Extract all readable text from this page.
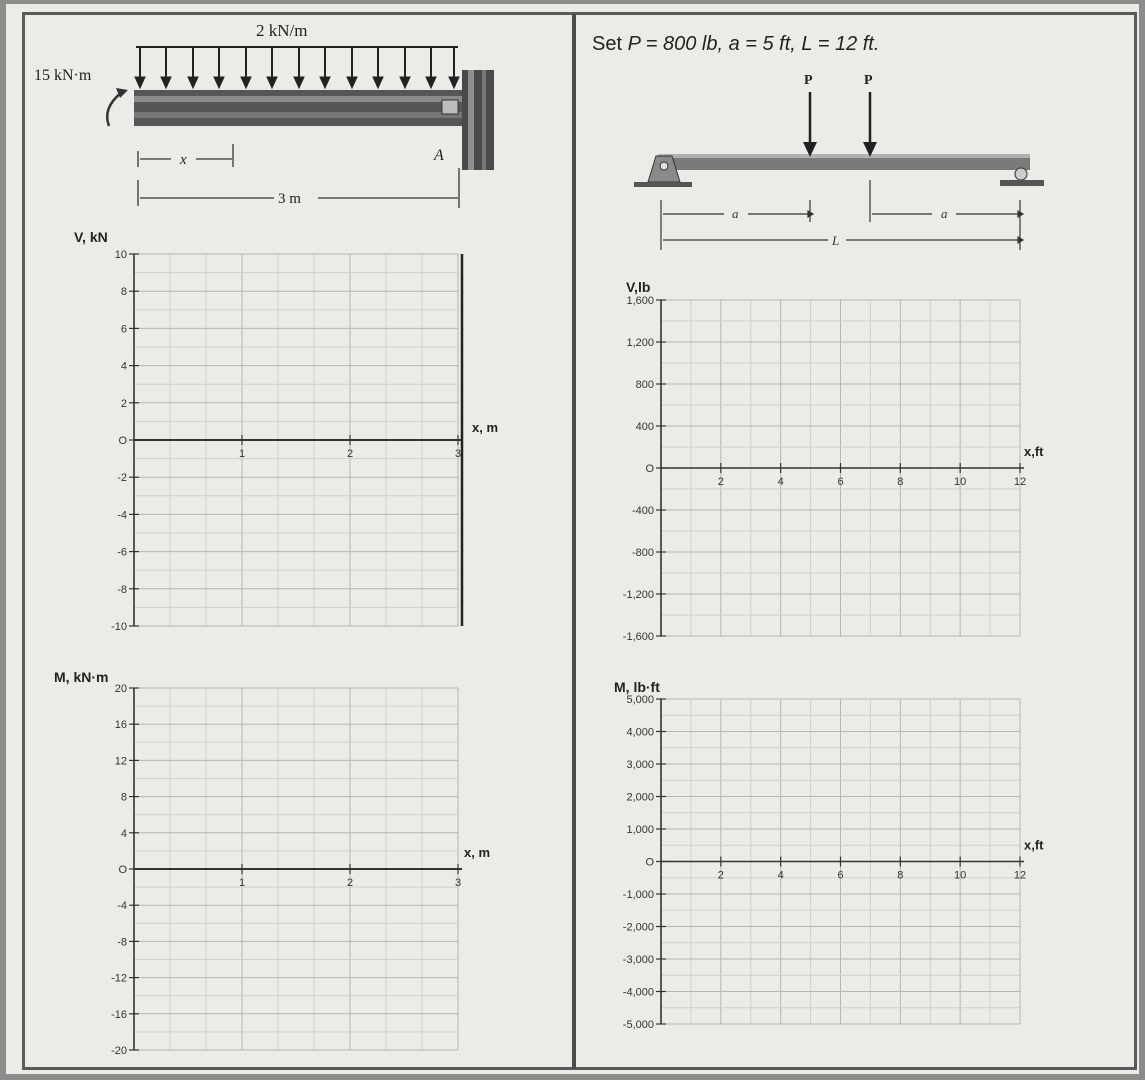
2 kN/m
A
15 kN·m
x
3 m
Set P = 800 lb, a = 5 ft, L = 12 ft.
P	P
a	a
L
10
8
6
4
2
O
-2
-4
-6
-8
-10
1	2	3
V, kN
x, m
20
16
12
8
4
O
-4
-8
-12
-16
-20
1	2	3
M, kN·m
x, m
1,600
1,200
800
400
O
-400
-800
-1,200
-1,600
2	4	6	8	10	12
V,lb
x,ft
5,000
4,000
3,000
2,000
1,000
O
-1,000
-2,000
-3,000
-4,000
-5,000
2	4	6	8	10	12
M, lb·ft
x,ft
